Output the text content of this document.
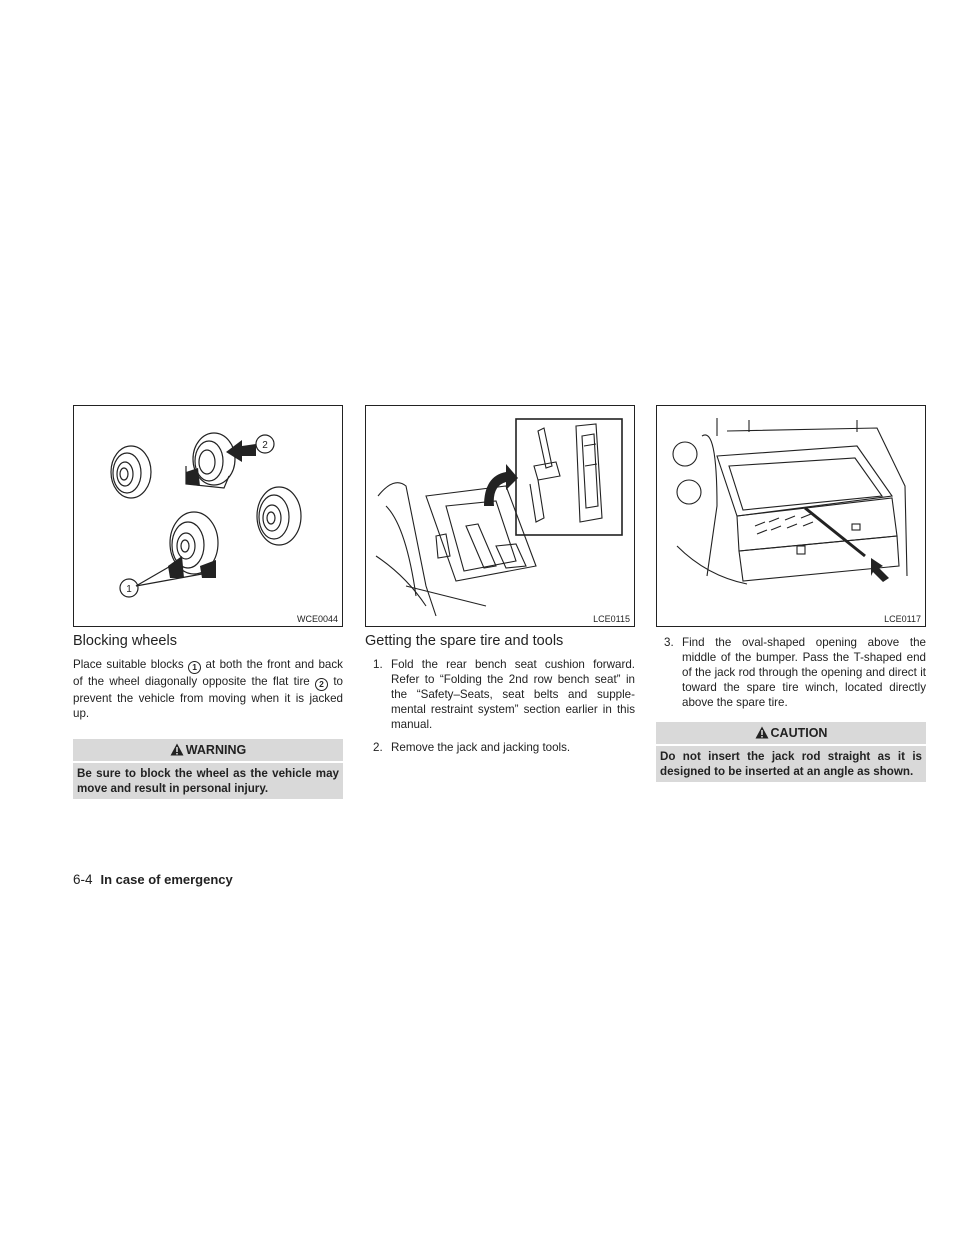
1
2
WCE0044
Blocking wheels

Place suitable blocks 1 at both the front and back of the wheel diagonally opposite the flat tire 2 to prevent the vehicle from moving when it is jacked up.

WARNING
Be sure to block the wheel as the vehicle may move and result in personal injury.
LCE0115
Getting the spare tire and tools
1. Fold the rear bench seat cushion forward. Refer to “Folding the 2nd row bench seat” in the “Safety–Seats, seat belts and supple- mental restraint system” section earlier in this manual.
2. Remove the jack and jacking tools.
LCE0117
3. Find the oval-shaped opening above the middle of the bumper. Pass the T-shaped end of the jack rod through the opening and direct it toward the spare tire winch, located directly above the spare tire.
CAUTION
Do not insert the jack rod straight as it is designed to be inserted at an angle as shown.
6-4 In case of emergency
